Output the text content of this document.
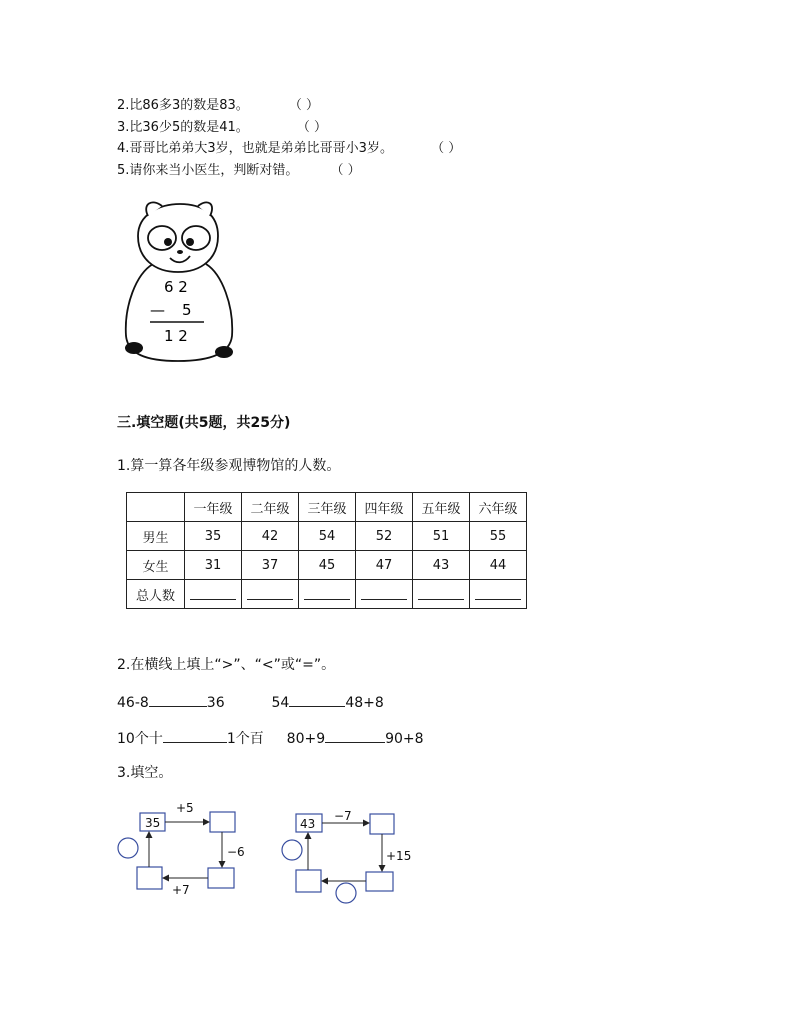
2.比86多3的数是83。	（ ）
3.比36少5的数是41。	（ ）
4.哥哥比弟弟大3岁，也就是弟弟比哥哥小3岁。	（ ）
5.请你来当小医生，判断对错。 （ ）
6 2
— 5
1 2
三.填空题(共5题，共25分)
1.算一算各年级参观博物馆的人数。
	一年级	二年级	三年级	四年级	五年级	六年级
男生	35	42	54	52	51	55
女生	31	37	45	47	43	44
总人数						
2.在横线上填上“>”、“<”或“=”。
46-8	36	54	48+8
10个十	1个百 80+9	90+8
3.填空。
35
+5
−6
+7
43
−7
+15
